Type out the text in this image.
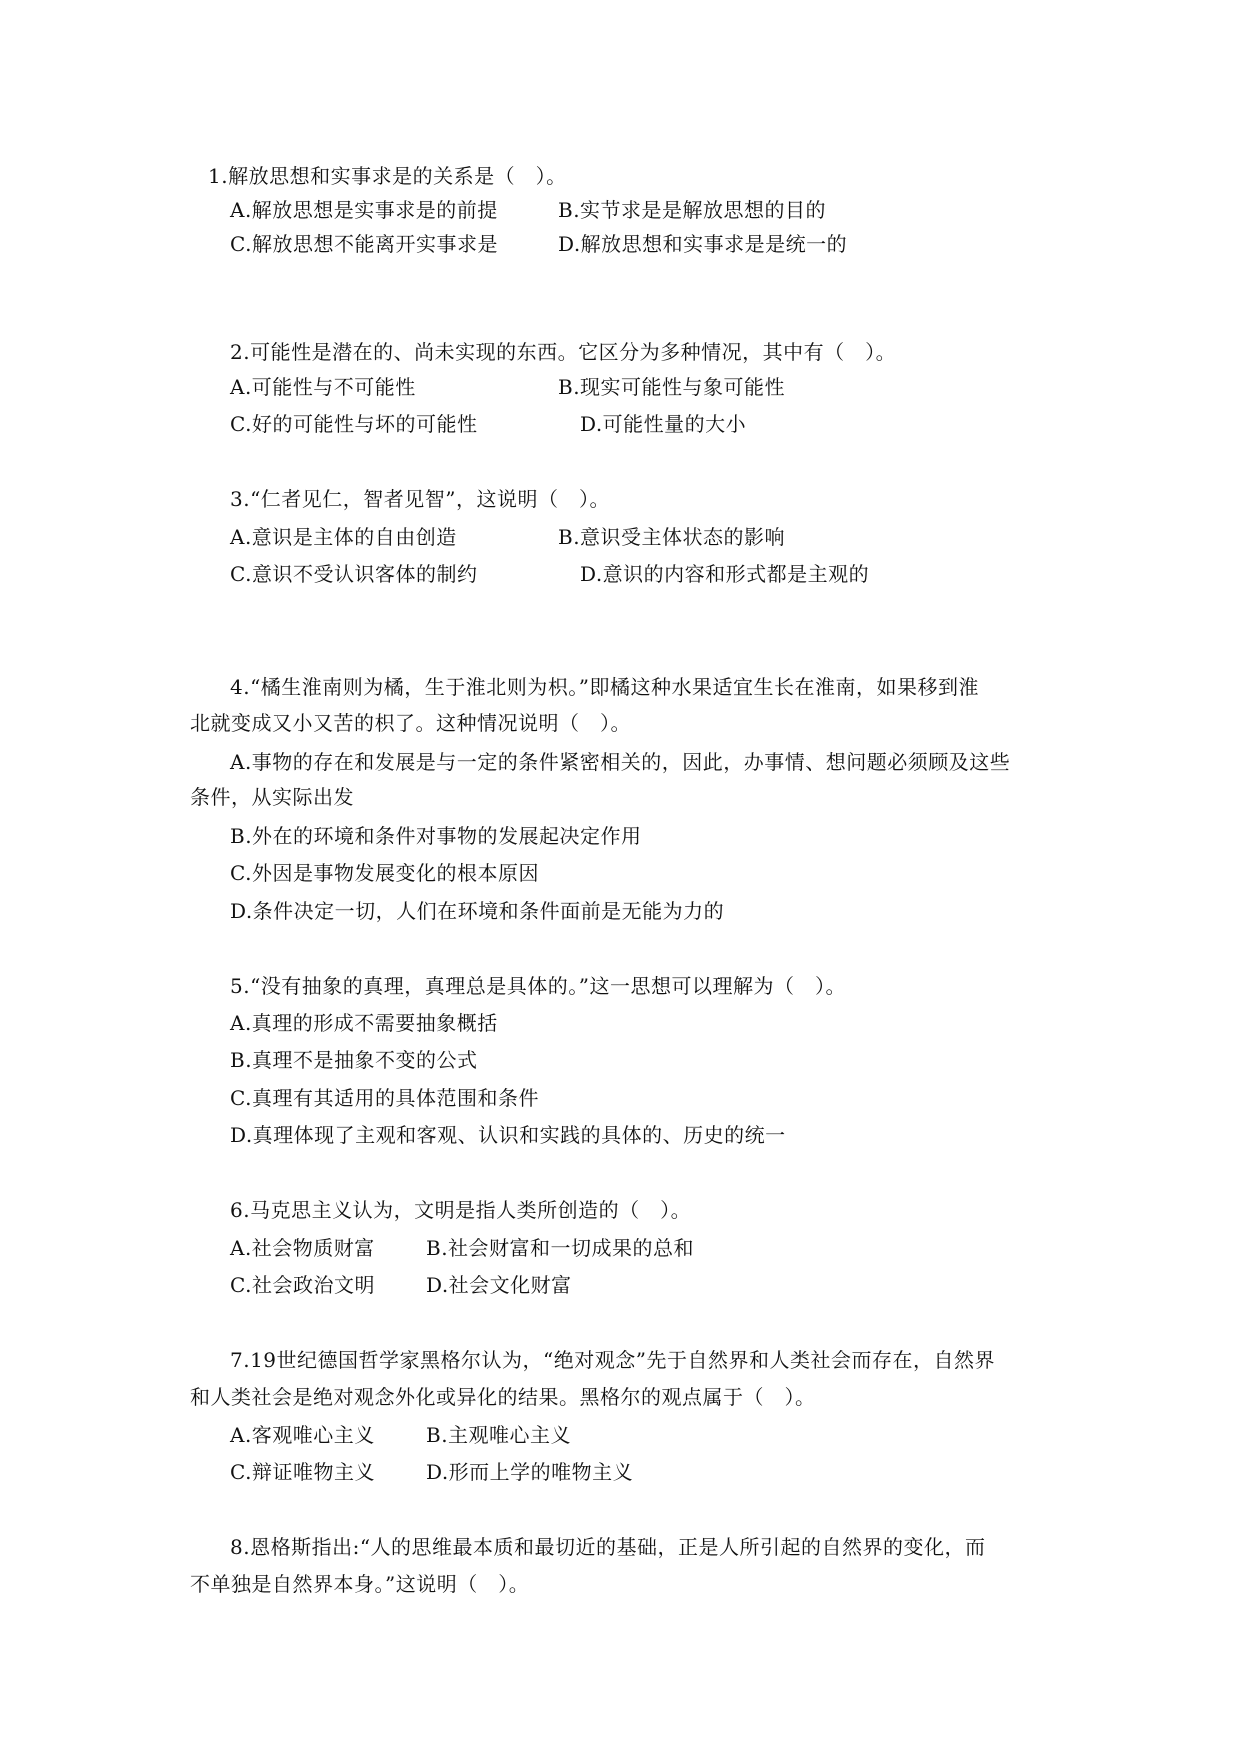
1.解放思想和实事求是的关系是（　）。
A.解放思想是实事求是的前提	B.实节求是是解放思想的目的
C.解放思想不能离开实事求是	D.解放思想和实事求是是统一的
2.可能性是潜在的、尚未实现的东西。它区分为多种情况，其中有（　）。
A.可能性与不可能性	B.现实可能性与象可能性
C.好的可能性与坏的可能性	D.可能性量的大小
3.“仁者见仁，智者见智”，这说明（　）。
A.意识是主体的自由创造	B.意识受主体状态的影响
C.意识不受认识客体的制约	D.意识的内容和形式都是主观的
4.“橘生淮南则为橘，生于淮北则为枳。”即橘这种水果适宜生长在淮南，如果移到淮
北就变成又小又苦的枳了。这种情况说明（　）。
A.事物的存在和发展是与一定的条件紧密相关的，因此，办事情、想问题必须顾及这些
条件，从实际出发
B.外在的环境和条件对事物的发展起决定作用
C.外因是事物发展变化的根本原因
D.条件决定一切，人们在环境和条件面前是无能为力的
5.“没有抽象的真理，真理总是具体的。”这一思想可以理解为（　）。
A.真理的形成不需要抽象概括
B.真理不是抽象不变的公式
C.真理有其适用的具体范围和条件
D.真理体现了主观和客观、认识和实践的具体的、历史的统一
6.马克思主义认为，文明是指人类所创造的（　）。
A.社会物质财富	B.社会财富和一切成果的总和
C.社会政治文明	D.社会文化财富
7.19世纪德国哲学家黑格尔认为，“绝对观念”先于自然界和人类社会而存在，自然界
和人类社会是绝对观念外化或异化的结果。黑格尔的观点属于（　）。
A.客观唯心主义	B.主观唯心主义
C.辩证唯物主义	D.形而上学的唯物主义
8.恩格斯指出:“人的思维最本质和最切近的基础，正是人所引起的自然界的变化，而
不单独是自然界本身。”这说明（　）。
